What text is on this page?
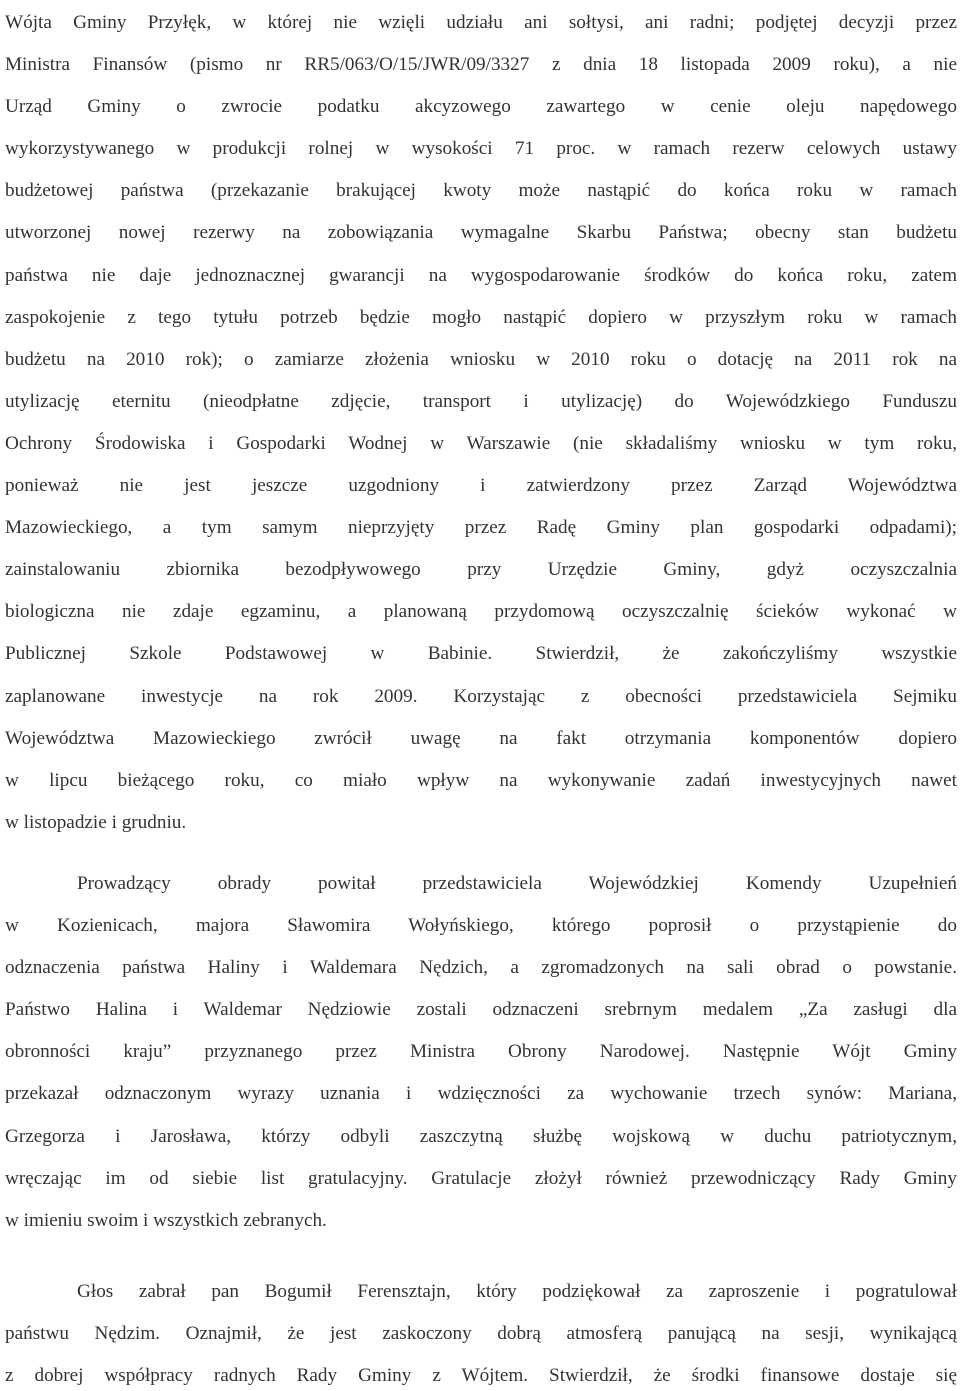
Wójta Gminy Przyłęk, w której nie wzięli udziału ani sołtysi, ani radni; podjętej decyzji przez
Ministra Finansów (pismo nr RR5/063/O/15/JWR/09/3327 z dnia 18 listopada 2009 roku), a nie
Urząd Gminy o zwrocie podatku akcyzowego zawartego w cenie oleju napędowego
wykorzystywanego w produkcji rolnej w wysokości 71 proc. w ramach rezerw celowych ustawy
budżetowej państwa (przekazanie brakującej kwoty może nastąpić do końca roku w ramach
utworzonej nowej rezerwy na zobowiązania wymagalne Skarbu Państwa; obecny stan budżetu
państwa nie daje jednoznacznej gwarancji na wygospodarowanie środków do końca roku, zatem
zaspokojenie z tego tytułu potrzeb będzie mogło nastąpić dopiero w przyszłym roku w ramach
budżetu na 2010 rok); o zamiarze złożenia wniosku w 2010 roku o dotację na 2011 rok na
utylizację eternitu (nieodpłatne zdjęcie, transport i utylizację) do Wojewódzkiego Funduszu
Ochrony Środowiska i Gospodarki Wodnej w Warszawie (nie składaliśmy wniosku w tym roku,
ponieważ nie jest jeszcze uzgodniony i zatwierdzony przez Zarząd Województwa
Mazowieckiego, a tym samym nieprzyjęty przez Radę Gminy plan gospodarki odpadami);
zainstalowaniu zbiornika bezodpływowego przy Urzędzie Gminy, gdyż oczyszczalnia
biologiczna nie zdaje egzaminu, a planowaną przydomową oczyszczalnię ścieków wykonać w
Publicznej Szkole Podstawowej w Babinie. Stwierdził, że zakończyliśmy wszystkie
zaplanowane inwestycje na rok 2009. Korzystając z obecności przedstawiciela Sejmiku
Województwa Mazowieckiego zwrócił uwagę na fakt otrzymania komponentów dopiero
w lipcu bieżącego roku, co miało wpływ na wykonywanie zadań inwestycyjnych nawet
w listopadzie i grudniu.
Prowadzący obrady powitał przedstawiciela Wojewódzkiej Komendy Uzupełnień
w Kozienicach, majora Sławomira Wołyńskiego, którego poprosił o przystąpienie do
odznaczenia państwa Haliny i Waldemara Nędzich, a zgromadzonych na sali obrad o powstanie.
Państwo Halina i Waldemar Nędziowie zostali odznaczeni srebrnym medalem „Za zasługi dla
obronności kraju” przyznanego przez Ministra Obrony Narodowej. Następnie Wójt Gminy
przekazał odznaczonym wyrazy uznania i wdzięczności za wychowanie trzech synów: Mariana,
Grzegorza i Jarosława, którzy odbyli zaszczytną służbę wojskową w duchu patriotycznym,
wręczając im od siebie list gratulacyjny. Gratulacje złożył również przewodniczący Rady Gminy
w imieniu swoim i wszystkich zebranych.
Głos zabrał pan Bogumił Ferensztajn, który podziękował za zaproszenie i pogratulował
państwu Nędzim. Oznajmił, że jest zaskoczony dobrą atmosferą panującą na sesji, wynikającą
z dobrej współpracy radnych Rady Gminy z Wójtem. Stwierdził, że środki finansowe dostaje się
